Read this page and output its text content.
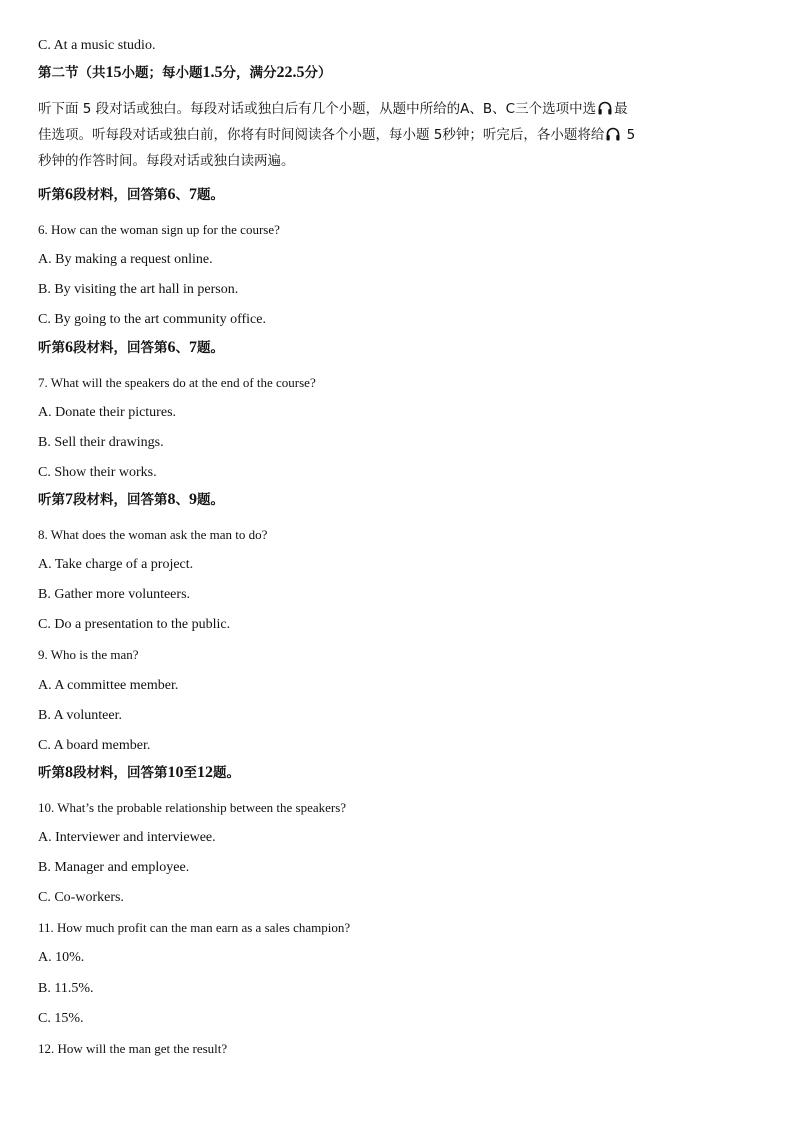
C. At a music studio.
第二节（共15小题；每小题1.5分，满分22.5分）
听下面 5 段对话或独白。每段对话或独白后有几个小题，从题中所给的A、B、C三个选项中选 最
佳选项。听每段对话或独白前，你将有时间阅读各个小题，每小题 5秒钟；听完后，各小题将给 5
秒钟的作答时间。每段对话或独白读两遍。
听第6段材料，回答第6、7题。
6. How can the woman sign up for the course?
A. By making a request online.
B. By visiting the art hall in person.
C. By going to the art community office.
听第6段材料，回答第6、7题。
7. What will the speakers do at the end of the course?
A. Donate their pictures.
B. Sell their drawings.
C. Show their works.
听第7段材料，回答第8、9题。
8. What does the woman ask the man to do?
A. Take charge of a project.
B. Gather more volunteers.
C. Do a presentation to the public.
9. Who is the man?
A. A committee member.
B. A volunteer.
C. A board member.
听第8段材料，回答第10至12题。
10. What’s the probable relationship between the speakers?
A. Interviewer and interviewee.
B. Manager and employee.
C. Co-workers.
11. How much profit can the man earn as a sales champion?
A. 10%.
B. 11.5%.
C. 15%.
12. How will the man get the result?
